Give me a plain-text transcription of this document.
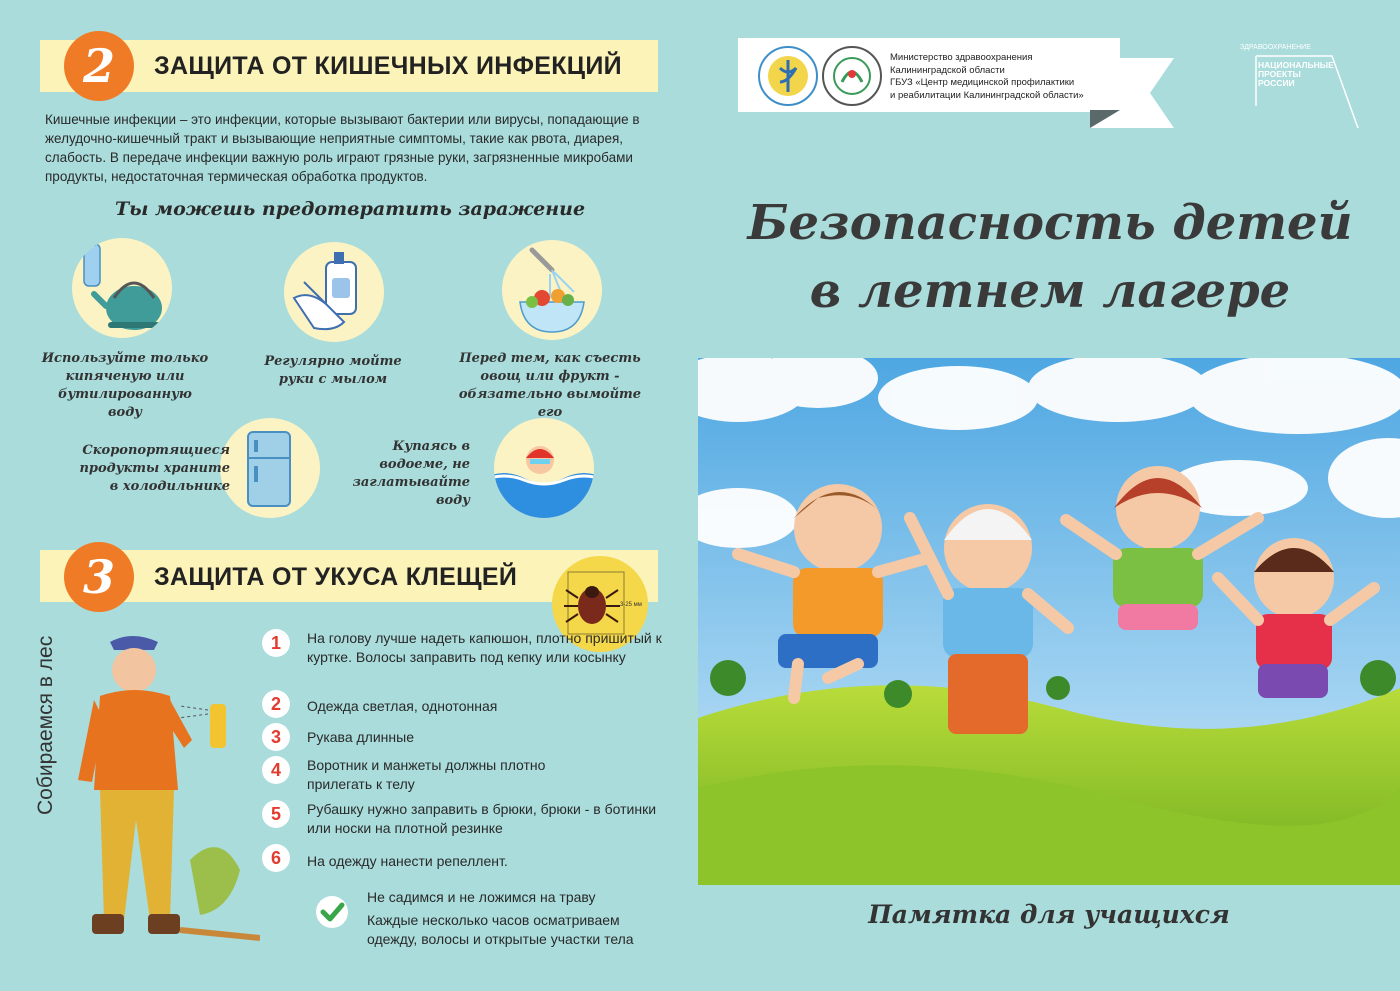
2	ЗАЩИТА ОТ КИШЕЧНЫХ ИНФЕКЦИЙ
Кишечные инфекции – это инфекции, которые вызывают бактерии или вирусы, попадающие в желудочно-кишечный тракт и вызывающие неприятные симптомы, такие как рвота, диарея, слабость. В передаче инфекции важную роль играют грязные руки, загрязненные микробами продукты, недостаточная термическая обработка продуктов.
Ты можешь предотвратить заражение
Используйте только кипяченую или бутилированную воду
Регулярно мойте руки с мылом
Перед тем, как съесть овощ или фрукт - обязательно вымойте его
Скоропортящиеся продукты храните в холодильнике
Купаясь в водоеме, не заглатывайте воду
3	ЗАЩИТА ОТ УКУСА КЛЕЩЕЙ
3-25 мм
Собираемся в лес	1	На голову лучше надеть капюшон, плотно пришитый к куртке. Волосы заправить под кепку или косынку
2	Одежда светлая, однотонная
3	Рукава длинные
4	Воротник и манжеты должны плотно прилегать к телу
5	Рубашку нужно заправить в брюки, брюки - в ботинки или носки на плотной резинке
6	На одежду нанести репеллент.
Не садимся и не ложимся на траву
Каждые несколько часов осматриваем одежду, волосы и открытые участки тела
Министерство здравоохранения
Калининградской области
ГБУЗ «Центр медицинской профилактики
и реабилитации Калининградской области»
ЗДРАВООХРАНЕНИЕ
НАЦИОНАЛЬНЫЕ
ПРОЕКТЫ
РОССИИ
Безопасность детей
в летнем лагере
Памятка для учащихся
